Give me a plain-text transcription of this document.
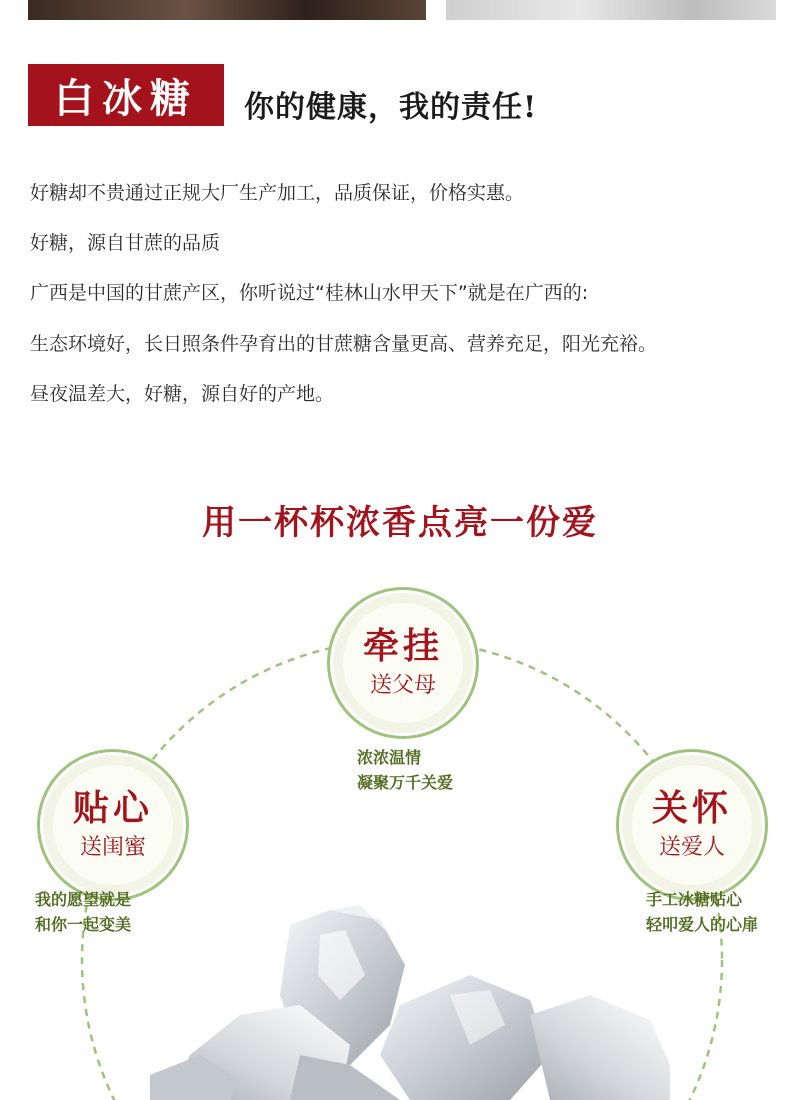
白冰糖 你的健康，我的责任!
好糖却不贵通过正规大厂生产加工，品质保证，价格实惠。
好糖，源自甘蔗的品质
广西是中国的甘蔗产区，你听说过“桂林山水甲天下”就是在广西的:
生态环境好，长日照条件孕育出的甘蔗糖含量更高、营养充足，阳光充裕。
昼夜温差大，好糖，源自好的产地。
用一杯杯浓香点亮一份爱
牵挂
送父母
贴心
送闺蜜
关怀
送爱人
浓浓温情
凝聚万千关爱
我的愿望就是
和你一起变美
手工冰糖贴心
轻叩爱人的心扉
